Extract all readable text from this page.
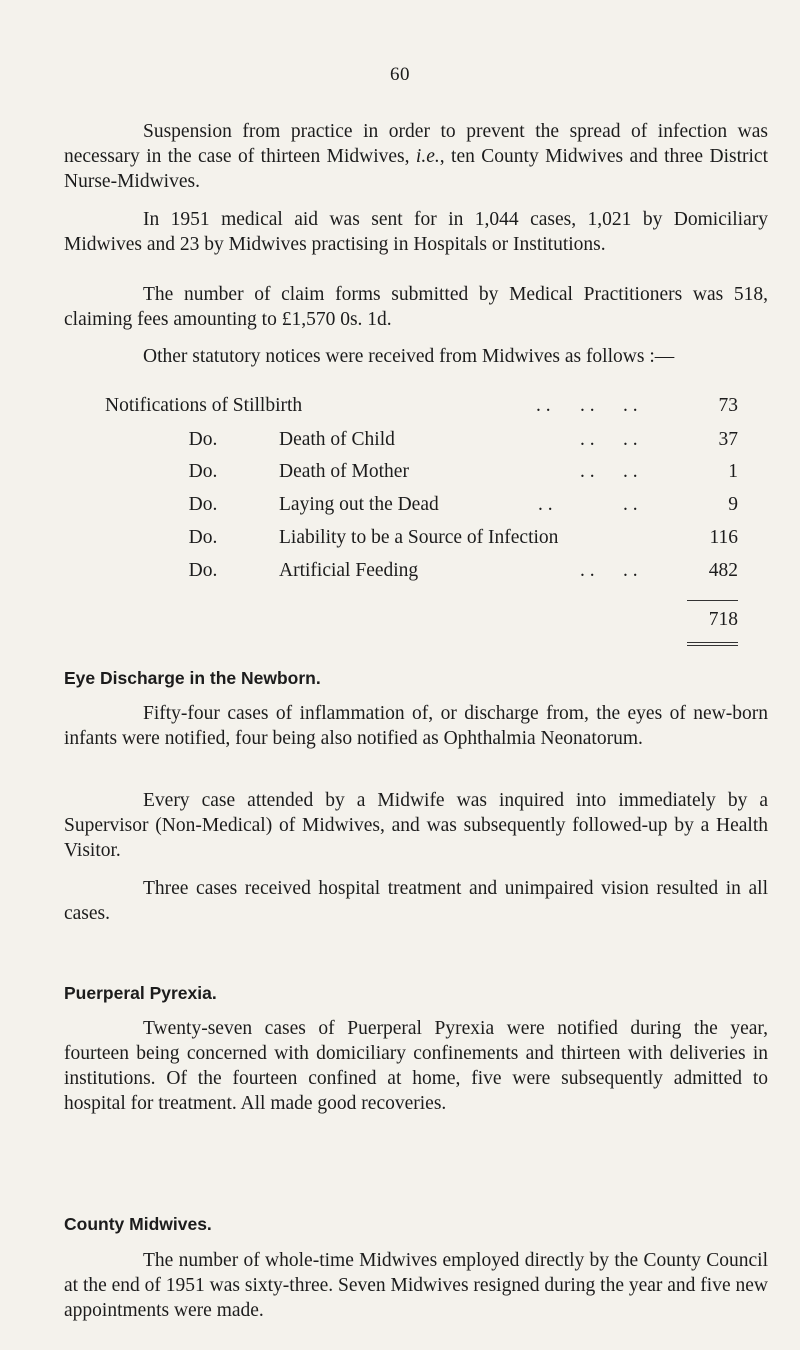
60

Suspension from practice in order to prevent the spread of infection was necessary in the case of thirteen Midwives, i.e., ten County Midwives and three District Nurse-Midwives.

In 1951 medical aid was sent for in 1,044 cases, 1,021 by Domiciliary Midwives and 23 by Midwives practising in Hospitals or Institutions.

The number of claim forms submitted by Medical Practitioners was 518, claiming fees amounting to £1,570 0s. 1d.

Other statutory notices were received from Midwives as follows :—

Notifications of Stillbirth	. . . . . .	73
Do.	Death of Child	. . . .	37
Do.	Death of Mother	. . . .	1
Do.	Laying out the Dead	. .	. .	9
Do.	Liability to be a Source of Infection	116
Do.	Artificial Feeding	. . . .	482
718
Eye Discharge in the Newborn.

Fifty-four cases of inflammation of, or discharge from, the eyes of new-born infants were notified, four being also notified as Ophthalmia Neonatorum.

Every case attended by a Midwife was inquired into immediately by a Supervisor (Non-Medical) of Midwives, and was subsequently followed-up by a Health Visitor.

Three cases received hospital treatment and unimpaired vision resulted in all cases.

Puerperal Pyrexia.

Twenty-seven cases of Puerperal Pyrexia were notified during the year, fourteen being concerned with domiciliary confinements and thirteen with deliveries in institutions. Of the fourteen confined at home, five were subsequently admitted to hospital for treatment. All made good recoveries.

County Midwives.

The number of whole-time Midwives employed directly by the County Council at the end of 1951 was sixty-three. Seven Midwives resigned during the year and five new appointments were made.
